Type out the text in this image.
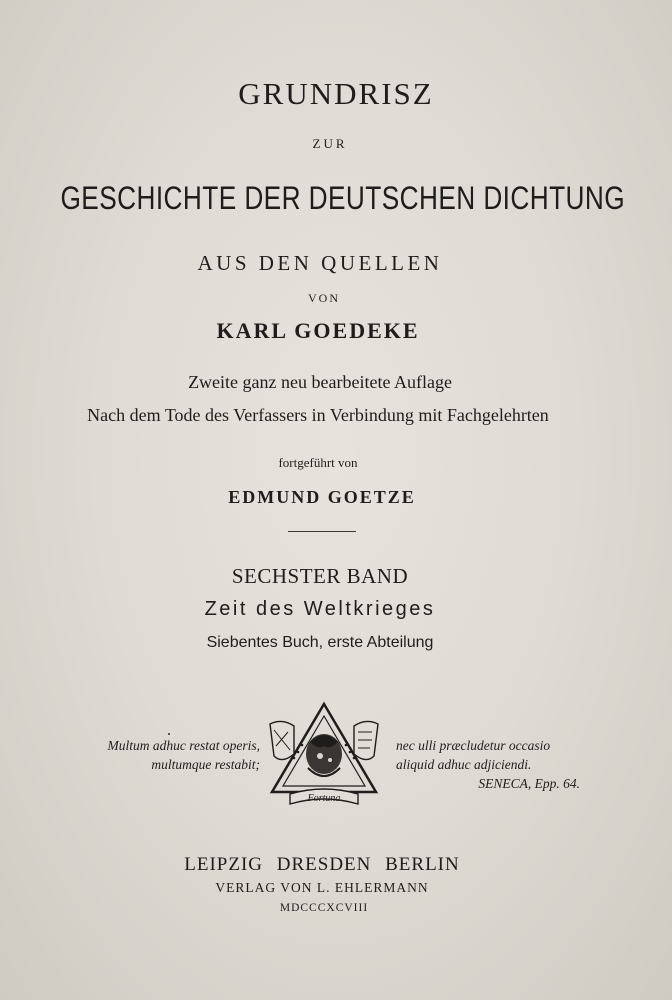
GRUNDRISZ
ZUR
GESCHICHTE DER DEUTSCHEN DICHTUNG
AUS DEN QUELLEN
VON
KARL GOEDEKE
Zweite ganz neu bearbeitete Auflage
Nach dem Tode des Verfassers in Verbindung mit Fachgelehrten
fortgeführt von
EDMUND GOETZE
SECHSTER BAND
Zeit des Weltkrieges
Siebentes Buch, erste Abteilung
Multum adhuc restat operis,
multumque restabit;
Fortuna
nec ulli præcludetur occasio
aliquid adhuc adjiciendi.
SENECA, Epp. 64.
LEIPZIG DRESDEN BERLIN
VERLAG VON L. EHLERMANN
MDCCCXCVIII
